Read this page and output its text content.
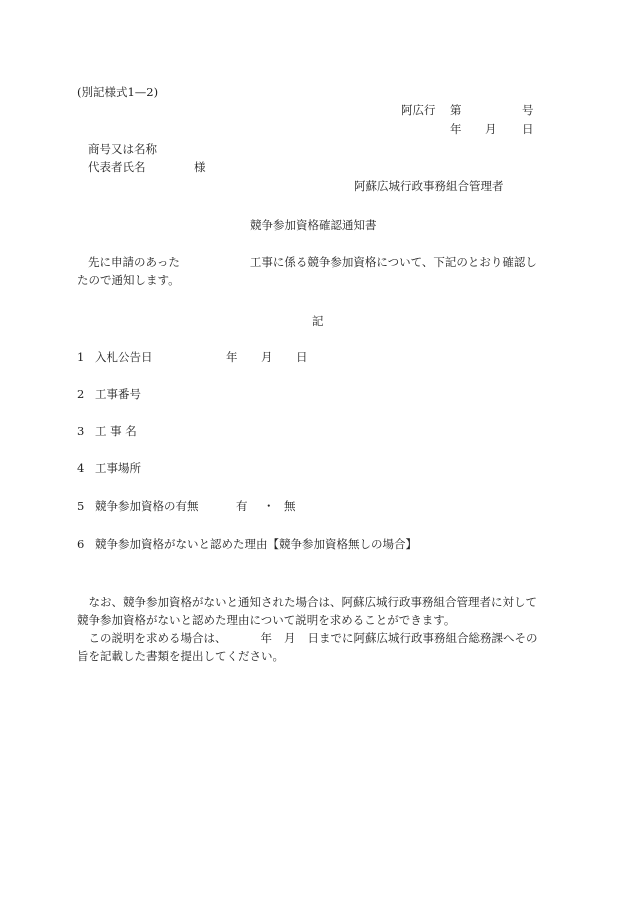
(別記様式1—2)
阿広行 第	号
年 月 日
商号又は名称
代表者氏名	様
阿蘇広城行政事務組合管理者
競争参加資格確認通知書

先に申請のあった	工事に係る競争参加資格について、下記のとおり確認し

たので通知します。

記
1 入札公告日	年 月 日
2 工事番号
3 工 事 名
4 工事場所
5 競争参加資格の有無	有 ・ 無
6 競争参加資格がないと認めた理由【競争参加資格無しの場合】

なお、競争参加資格がないと通知された場合は、阿蘇広城行政事務組合管理者に対して

競争参加資格がないと認めた理由について説明を求めることができます。

この説明を求める場合は、	年 月 日までに阿蘇広城行政事務組合総務課へその

旨を記載した書類を提出してください。
